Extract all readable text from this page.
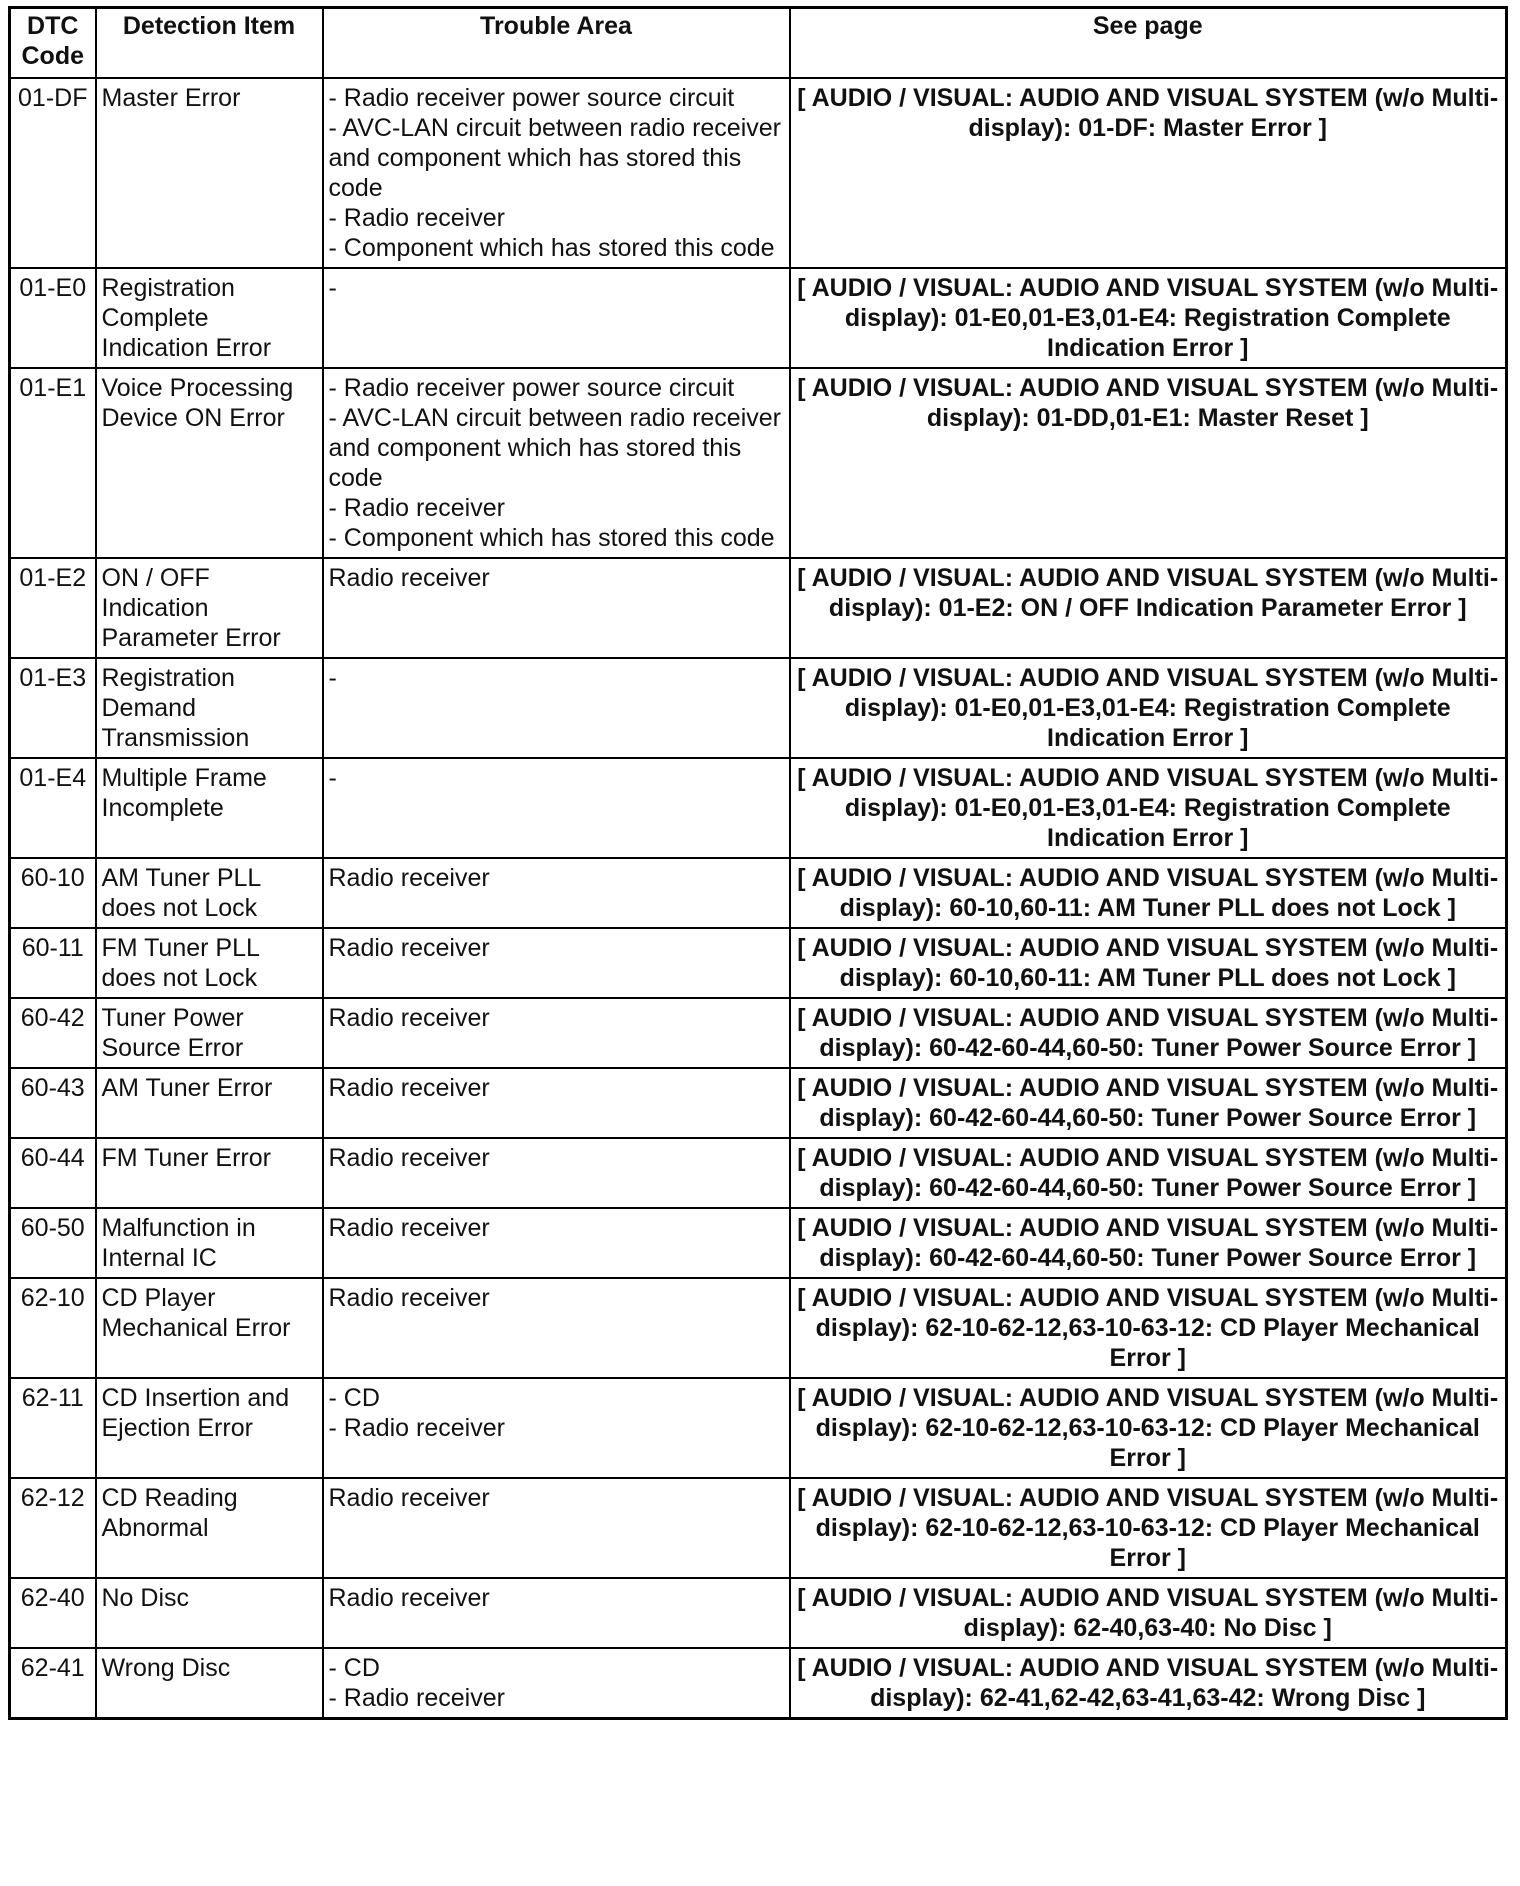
DTC
Code	Detection Item	Trouble Area	See page
01-DF	Master Error	- Radio receiver power source circuit
- AVC-LAN circuit between radio receiver and component which has stored this code
- Radio receiver
- Component which has stored this code	[ AUDIO / VISUAL: AUDIO AND VISUAL SYSTEM (w/o Multi-display): 01-DF: Master Error ]
01-E0	Registration Complete Indication Error	-	[ AUDIO / VISUAL: AUDIO AND VISUAL SYSTEM (w/o Multi-display): 01-E0,01-E3,01-E4: Registration Complete Indication Error ]
01-E1	Voice Processing Device ON Error	- Radio receiver power source circuit
- AVC-LAN circuit between radio receiver and component which has stored this code
- Radio receiver
- Component which has stored this code	[ AUDIO / VISUAL: AUDIO AND VISUAL SYSTEM (w/o Multi-display): 01-DD,01-E1: Master Reset ]
01-E2	ON / OFF Indication Parameter Error	Radio receiver	[ AUDIO / VISUAL: AUDIO AND VISUAL SYSTEM (w/o Multi-display): 01-E2: ON / OFF Indication Parameter Error ]
01-E3	Registration Demand Transmission	-	[ AUDIO / VISUAL: AUDIO AND VISUAL SYSTEM (w/o Multi-display): 01-E0,01-E3,01-E4: Registration Complete Indication Error ]
01-E4	Multiple Frame Incomplete	-	[ AUDIO / VISUAL: AUDIO AND VISUAL SYSTEM (w/o Multi-display): 01-E0,01-E3,01-E4: Registration Complete Indication Error ]
60-10	AM Tuner PLL does not Lock	Radio receiver	[ AUDIO / VISUAL: AUDIO AND VISUAL SYSTEM (w/o Multi-display): 60-10,60-11: AM Tuner PLL does not Lock ]
60-11	FM Tuner PLL does not Lock	Radio receiver	[ AUDIO / VISUAL: AUDIO AND VISUAL SYSTEM (w/o Multi-display): 60-10,60-11: AM Tuner PLL does not Lock ]
60-42	Tuner Power Source Error	Radio receiver	[ AUDIO / VISUAL: AUDIO AND VISUAL SYSTEM (w/o Multi-display): 60-42-60-44,60-50: Tuner Power Source Error ]
60-43	AM Tuner Error	Radio receiver	[ AUDIO / VISUAL: AUDIO AND VISUAL SYSTEM (w/o Multi-display): 60-42-60-44,60-50: Tuner Power Source Error ]
60-44	FM Tuner Error	Radio receiver	[ AUDIO / VISUAL: AUDIO AND VISUAL SYSTEM (w/o Multi-display): 60-42-60-44,60-50: Tuner Power Source Error ]
60-50	Malfunction in Internal IC	Radio receiver	[ AUDIO / VISUAL: AUDIO AND VISUAL SYSTEM (w/o Multi-display): 60-42-60-44,60-50: Tuner Power Source Error ]
62-10	CD Player Mechanical Error	Radio receiver	[ AUDIO / VISUAL: AUDIO AND VISUAL SYSTEM (w/o Multi-display): 62-10-62-12,63-10-63-12: CD Player Mechanical Error ]
62-11	CD Insertion and Ejection Error	- CD
- Radio receiver	[ AUDIO / VISUAL: AUDIO AND VISUAL SYSTEM (w/o Multi-display): 62-10-62-12,63-10-63-12: CD Player Mechanical Error ]
62-12	CD Reading Abnormal	Radio receiver	[ AUDIO / VISUAL: AUDIO AND VISUAL SYSTEM (w/o Multi-display): 62-10-62-12,63-10-63-12: CD Player Mechanical Error ]
62-40	No Disc	Radio receiver	[ AUDIO / VISUAL: AUDIO AND VISUAL SYSTEM (w/o Multi-display): 62-40,63-40: No Disc ]
62-41	Wrong Disc	- CD
- Radio receiver	[ AUDIO / VISUAL: AUDIO AND VISUAL SYSTEM (w/o Multi-display): 62-41,62-42,63-41,63-42: Wrong Disc ]
